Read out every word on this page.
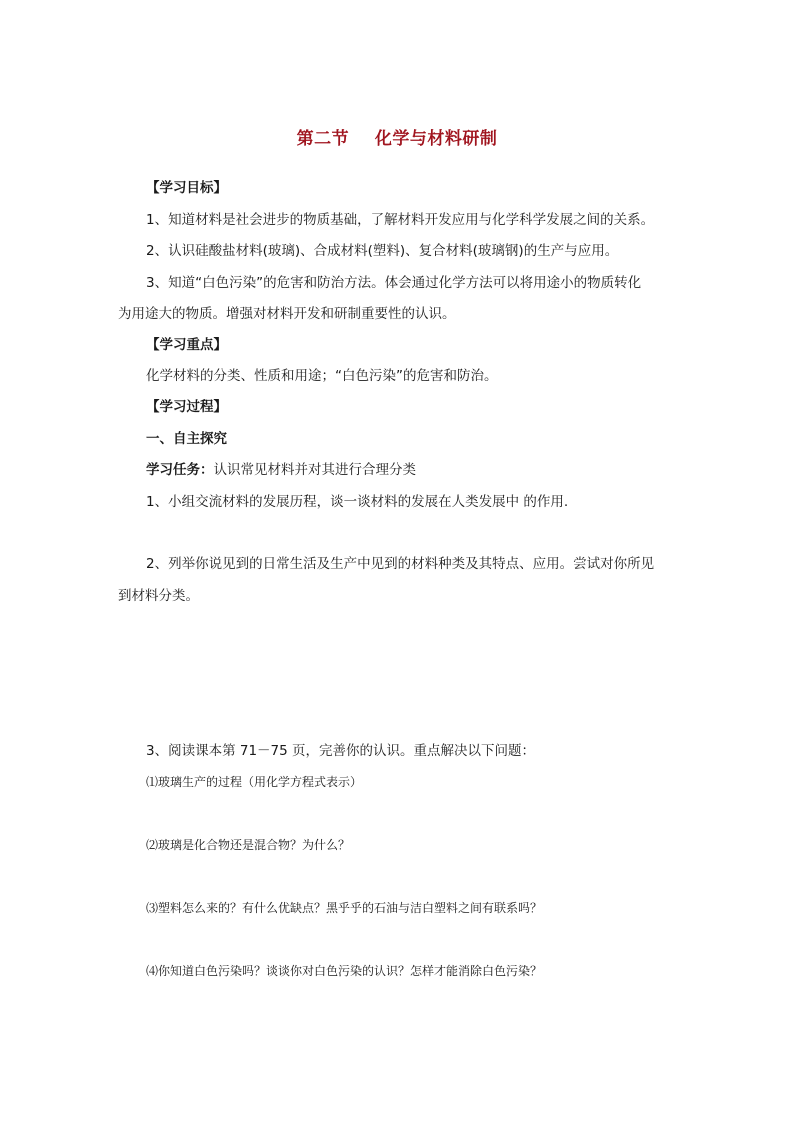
第二节    化学与材料研制
【学习目标】
1、知道材料是社会进步的物质基础，了解材料开发应用与化学科学发展之间的关系。
2、认识硅酸盐材料(玻璃)、合成材料(塑料)、复合材料(玻璃钢)的生产与应用。
3、知道“白色污染”的危害和防治方法。体会通过化学方法可以将用途小的物质转化
为用途大的物质。增强对材料开发和研制重要性的认识。
【学习重点】
化学材料的分类、性质和用途；“白色污染”的危害和防治。
【学习过程】
一、自主探究
学习任务：认识常见材料并对其进行合理分类
1、小组交流材料的发展历程，谈一谈材料的发展在人类发展中 的作用.
2、列举你说见到的日常生活及生产中见到的材料种类及其特点、应用。尝试对你所见
到材料分类。
3、阅读课本第 71－75 页，完善你的认识。重点解决以下问题：
⑴玻璃生产的过程（用化学方程式表示）
⑵玻璃是化合物还是混合物？为什么？
⑶塑料怎么来的？有什么优缺点？黑乎乎的石油与洁白塑料之间有联系吗？
⑷你知道白色污染吗？谈谈你对白色污染的认识？怎样才能消除白色污染？
